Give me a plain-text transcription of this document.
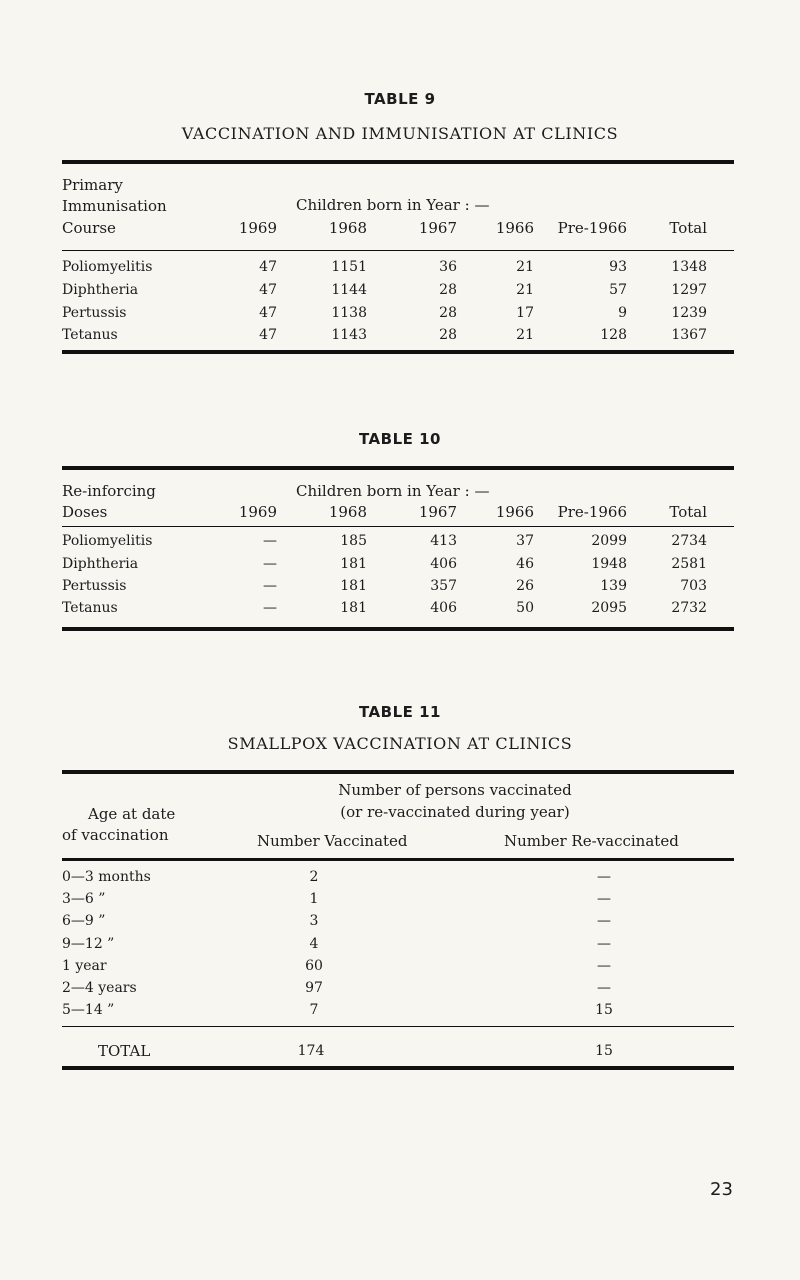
TABLE 9
VACCINATION AND IMMUNISATION AT CLINICS
Primary
Immunisation
Course
Children born in Year : —
1969	1968	1967	1966	Pre-1966	Total
Poliomyelitis	47	1151	36	21	93	1348
Diphtheria	47	1144	28	21	57	1297
Pertussis	47	1138	28	17	9	1239
Tetanus	47	1143	28	21	128	1367
TABLE 10
Re-inforcing
Doses
Children born in Year : —
1969	1968	1967	1966	Pre-1966	Total
Poliomyelitis	—	185	413	37	2099	2734
Diphtheria	—	181	406	46	1948	2581
Pertussis	—	181	357	26	139	703
Tetanus	—	181	406	50	2095	2732
TABLE 11
SMALLPOX VACCINATION AT CLINICS
Number of persons vaccinated
(or re-vaccinated during year)
Age at date
of vaccination	Number Vaccinated	Number Re-vaccinated
0—3 months	2	—
3—6 ”	1	—
6—9 ”	3	—
9—12 ”	4	—
1 year	60	—
2—4 years	97	—
5—14 ”	7	15
TOTAL	174	15
23
